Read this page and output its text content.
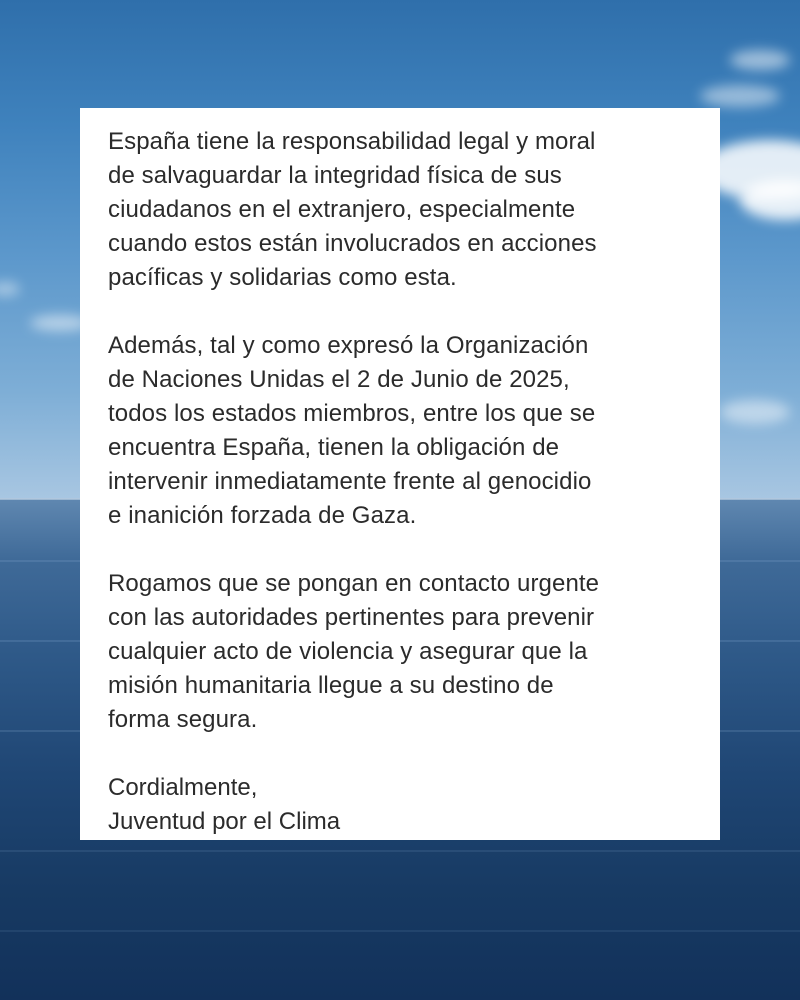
España tiene la responsabilidad legal y moral
de salvaguardar la integridad física de sus
ciudadanos en el extranjero, especialmente
cuando estos están involucrados en acciones
pacíficas y solidarias como esta.

Además, tal y como expresó la Organización
de Naciones Unidas el 2 de Junio de 2025,
todos los estados miembros, entre los que se
encuentra España, tienen la obligación de
intervenir inmediatamente frente al genocidio
e inanición forzada de Gaza.

Rogamos que se pongan en contacto urgente
con las autoridades pertinentes para prevenir
cualquier acto de violencia y asegurar que la
misión humanitaria llegue a su destino de
forma segura.

Cordialmente,

Juventud por el Clima
